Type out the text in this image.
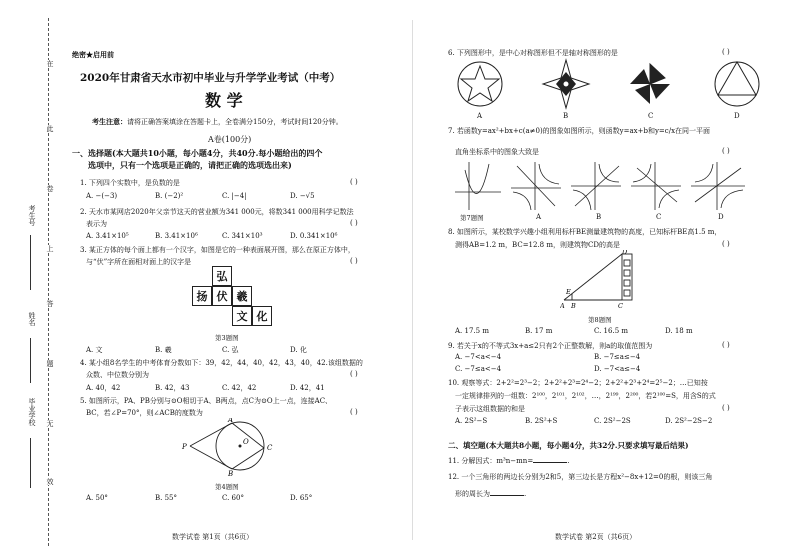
在
此
卷
上
答
题
无
效
考生号
姓名
毕业学校
绝密★启用前
2020年甘肃省天水市初中毕业与升学学业考试（中考）
数 学
考生注意：请将正确答案填涂在答题卡上，全卷满分150分，考试时间120分钟。
A卷(100分)
一、选择题(本大题共10小题，每小题4分，共40分.每小题给出的四个
选项中，只有一个选项是正确的，请把正确的选项选出来)
1. 下列四个实数中，是负数的是	( )
A. −(−3)	B. (−2)²	C. |−4|	D. −√5
2. 天水市某网店2020年父亲节这天的营业额为341 000元，将数341 000用科学记数法
表示为	( )
A. 3.41×10⁵	B. 3.41×10⁶	C. 341×10³	D. 0.341×10⁶
3. 某正方体的每个面上都有一个汉字，如图是它的一种表面展开图，那么在原正方体中，
与“伏”字所在面相对面上的汉字是	( )
弘
扬 伏 羲
文 化
第3题图
A. 文	B. 羲	C. 弘	D. 化
4. 某小组8名学生的中考体育分数如下：39，42，44，40，42，43，40，42.该组数据的
众数、中位数分别为	( )
A. 40，42	B. 42，43	C. 42，42	D. 42，41
5. 如图所示，PA、PB分别与⊙O相切于A、B两点，点C为⊙O上一点，连接AC、
BC，若∠P=70°，则∠ACB的度数为	( )
P
A
B
C
O
第4题图
A. 50°	B. 55°	C. 60°	D. 65°
数学试卷 第1页（共6页）
6. 下列图形中，是中心对称图形但不是轴对称图形的是	( )
A	B	C	D
7. 若函数y=ax²+bx+c(a≠0)的图象如图所示，则函数y=ax+b和y=c/x在同一平面
直角坐标系中的图象大致是	( )
第7题图	A	B	C	D
8. 如图所示，某校数学兴趣小组利用标杆BE测量建筑物的高度，已知标杆BE高1.5 m，
测得AB=1.2 m，BC=12.8 m，则建筑物CD的高是	( )
D
E
A B	C
第8题图
A. 17.5 m	B. 17 m	C. 16.5 m	D. 18 m
9. 若关于x的不等式3x+a≤2只有2个正整数解，则a的取值范围为	( )
A. −7<a<−4	B. −7≤a≤−4
C. −7≤a<−4	D. −7<a≤−4
10. 观察等式：2+2²=2³−2；2+2²+2³=2⁴−2；2+2²+2³+2⁴=2⁵−2；…已知按
一定规律排列的一组数：2¹⁰⁰，2¹⁰¹，2¹⁰²，…，2¹⁹⁹，2²⁰⁰，若2¹⁰⁰=S，用含S的式
子表示这组数据的和是	( )
A. 2S²−S	B. 2S²+S	C. 2S²−2S	D. 2S²−2S−2
二、填空题(本大题共8小题，每小题4分，共32分.只要求填写最后结果)
11. 分解因式：m³n−mn=	.
12. 一个三角形的两边长分别为2和5，第三边长是方程x²−8x+12=0的根，则该三角
形的周长为	.
数学试卷 第2页（共6页）
